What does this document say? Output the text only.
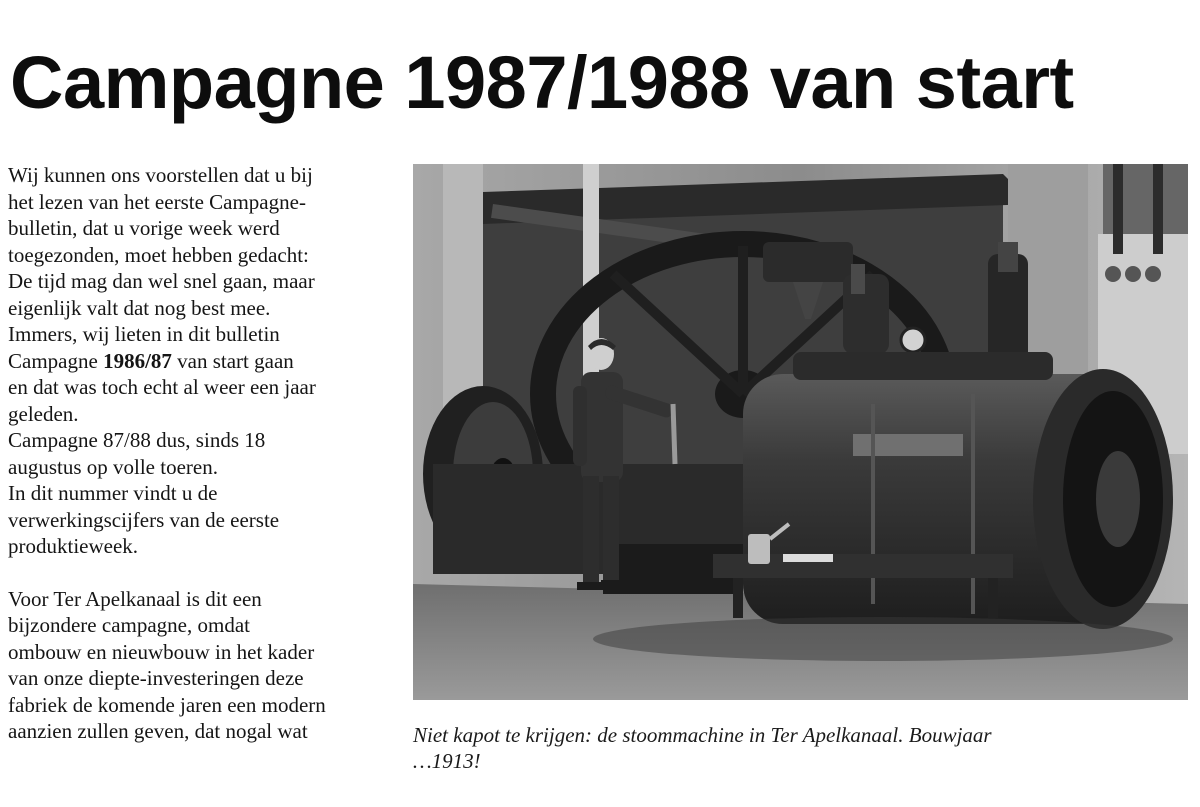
Campagne 1987/1988 van start
Wij kunnen ons voorstellen dat u bij
het lezen van het eerste Campagne-
bulletin, dat u vorige week werd
toegezonden, moet hebben gedacht:
De tijd mag dan wel snel gaan, maar
eigenlijk valt dat nog best mee.
Immers, wij lieten in dit bulletin
Campagne 1986/87 van start gaan
en dat was toch echt al weer een jaar
geleden.
Campagne 87/88 dus, sinds 18
augustus op volle toeren.
In dit nummer vindt u de
verwerkingscijfers van de eerste
produktieweek.
Voor Ter Apelkanaal is dit een
bijzondere campagne, omdat
ombouw en nieuwbouw in het kader
van onze diepte-investeringen deze
fabriek de komende jaren een modern
aanzien zullen geven, dat nogal wat	Niet kapot te krijgen: de stoommachine in Ter Apelkanaal. Bouwjaar
…1913!
